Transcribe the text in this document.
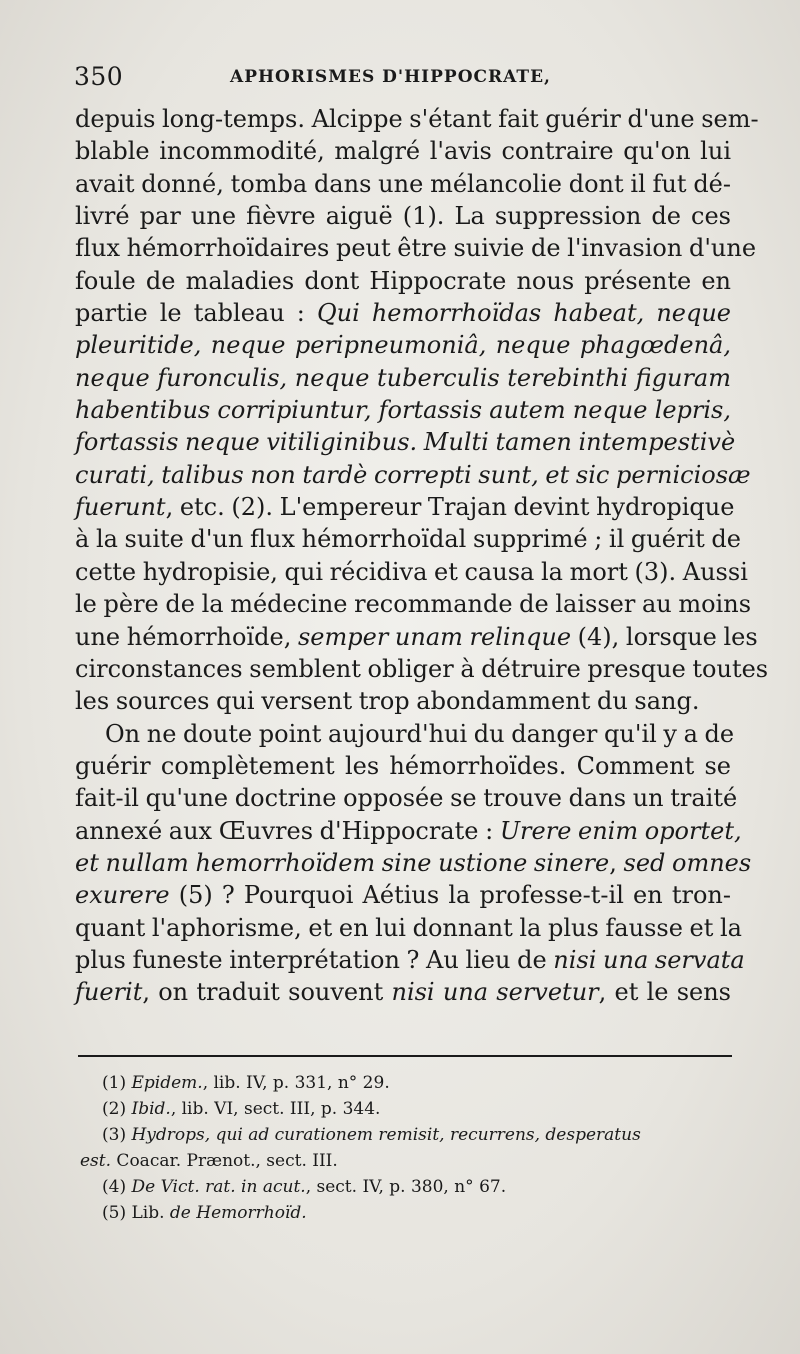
350	APHORISMES D'HIPPOCRATE,
depuis long-temps. Alcippe s'étant fait guérir d'une sem-
blable incommodité, malgré l'avis contraire qu'on lui
avait donné, tomba dans une mélancolie dont il fut dé-
livré par une fièvre aiguë (1). La suppression de ces
flux hémorrhoïdaires peut être suivie de l'invasion d'une
foule de maladies dont Hippocrate nous présente en
partie le tableau : Qui hemorrhoïdas habeat, neque
pleuritide, neque peripneumoniâ, neque phagœdenâ,
neque furonculis, neque tuberculis terebinthi figuram
habentibus corripiuntur, fortassis autem neque lepris,
fortassis neque vitiliginibus. Multi tamen intempestivè
curati, talibus non tardè correpti sunt, et sic perniciosæ
fuerunt, etc. (2). L'empereur Trajan devint hydropique
à la suite d'un flux hémorrhoïdal supprimé ; il guérit de
cette hydropisie, qui récidiva et causa la mort (3). Aussi
le père de la médecine recommande de laisser au moins
une hémorrhoïde, semper unam relinque (4), lorsque les
circonstances semblent obliger à détruire presque toutes
les sources qui versent trop abondamment du sang.
On ne doute point aujourd'hui du danger qu'il y a de
guérir complètement les hémorrhoïdes. Comment se
fait-il qu'une doctrine opposée se trouve dans un traité
annexé aux Œuvres d'Hippocrate : Urere enim oportet,
et nullam hemorrhoïdem sine ustione sinere, sed omnes
exurere (5) ? Pourquoi Aétius la professe-t-il en tron-
quant l'aphorisme, et en lui donnant la plus fausse et la
plus funeste interprétation ? Au lieu de nisi una servata
fuerit, on traduit souvent nisi una servetur, et le sens
(1) Epidem., lib. IV, p. 331, n° 29.
(2) Ibid., lib. VI, sect. III, p. 344.
(3) Hydrops, qui ad curationem remisit, recurrens, desperatus
est. Coacar. Prænot., sect. III.
(4) De Vict. rat. in acut., sect. IV, p. 380, n° 67.
(5) Lib. de Hemorrhoïd.
